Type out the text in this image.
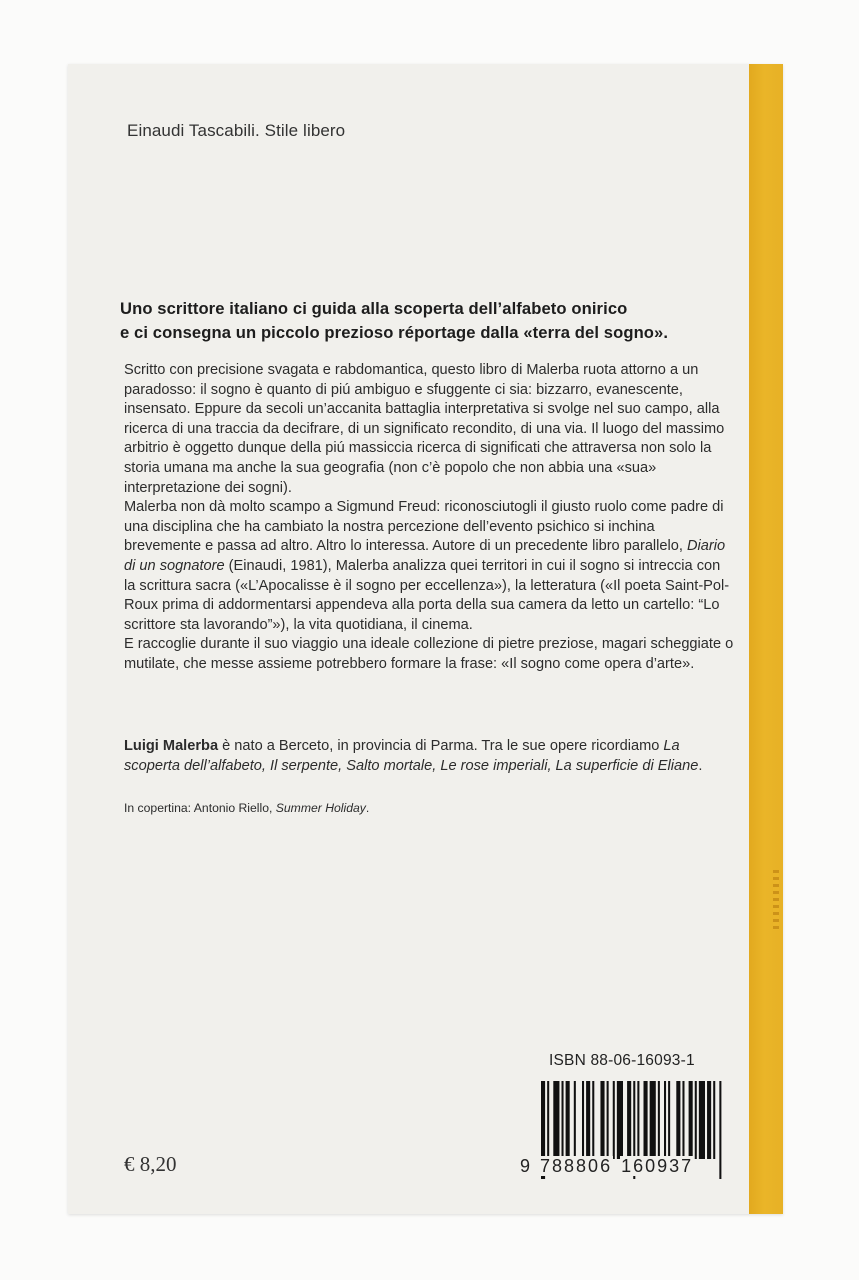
Einaudi Tascabili. Stile libero
Uno scrittore italiano ci guida alla scoperta dell’alfabeto onirico
e ci consegna un piccolo prezioso réportage dalla «terra del sogno».

Scritto con precisione svagata e rabdomantica, questo libro di Malerba ruota attorno a un paradosso: il sogno è quanto di piú ambiguo e sfuggente ci sia: bizzarro, evanescente, insensato. Eppure da secoli un’accanita battaglia interpretativa si svolge nel suo campo, alla ricerca di una traccia da decifrare, di un significato recondito, di una via. Il luogo del massimo arbitrio è oggetto dunque della piú massiccia ricerca di significati che attraversa non solo la storia umana ma anche la sua geografia (non c’è popolo che non abbia una «sua» interpretazione dei sogni).

Malerba non dà molto scampo a Sigmund Freud: riconosciutogli il giusto ruolo come padre di una disciplina che ha cambiato la nostra percezione dell’evento psichico si inchina brevemente e passa ad altro. Altro lo interessa. Autore di un precedente libro parallelo, Diario di un sognatore (Einaudi, 1981), Malerba analizza quei territori in cui il sogno si intreccia con la scrittura sacra («L’Apocalisse è il sogno per eccellenza»), la letteratura («Il poeta Saint-Pol-Roux prima di addormentarsi appendeva alla porta della sua camera da letto un cartello: “Lo scrittore sta lavorando”»), la vita quotidiana, il cinema.

E raccoglie durante il suo viaggio una ideale collezione di pietre preziose, magari scheggiate o mutilate, che messe assieme potrebbero formare la frase: «Il sogno come opera d’arte».

Luigi Malerba è nato a Berceto, in provincia di Parma. Tra le sue opere ricordiamo La scoperta dell’alfabeto, Il serpente, Salto mortale, Le rose imperiali, La superficie di Eliane.
In copertina: Antonio Riello, Summer Holiday.
ISBN 88-06-16093-1
9 788806 160937
€ 8,20
